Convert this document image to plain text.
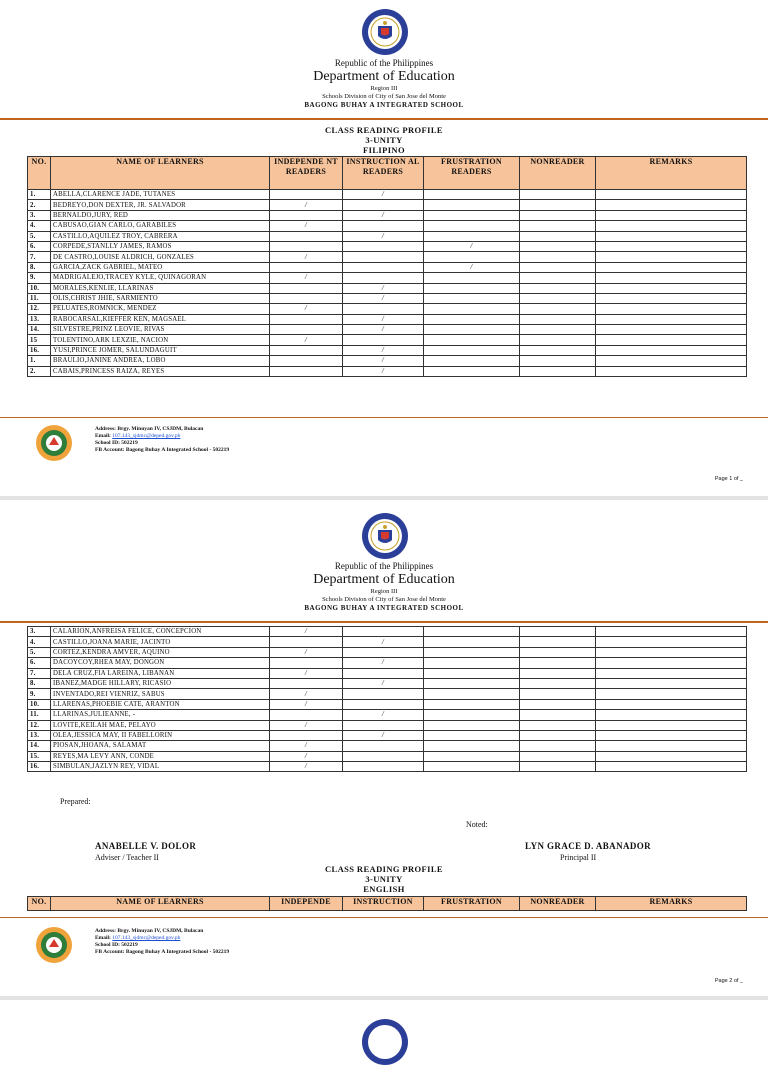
Republic of the Philippines
Department of Education
Region III
Schools Division of City of San Jose del Monte
BAGONG BUHAY A INTEGRATED SCHOOL
CLASS READING PROFILE
3-UNITY
FILIPINO
NO.	NAME OF LEARNERS	INDEPENDE NT READERS	INSTRUCTION AL READERS	FRUSTRATION READERS	NONREADER	REMARKS
1.	ABELLA,CLARENCE JADE, TUTANES		/			
2.	BEDREYO,DON DEXTER, JR. SALVADOR	/				
3.	BERNALDO,JURY, RED		/			
4.	CABUSAO,GIAN CARLO, GARABILES	/				
5.	CASTILLO,AQUILEZ TROY, CABRERA		/			
6.	CORPEDE,STANLLY JAMES, RAMOS			/		
7.	DE CASTRO,LOUISE ALDRICH, GONZALES	/				
8.	GARCIA,ZACK GABRIEL, MATEO			/		
9.	MADRIGALEJO,TRACEY KYLE, QUINAGORAN	/				
10.	MORALES,KENLIE, LLARINAS		/			
11.	OLIS,CHRIST JHIE, SARMIENTO		/			
12.	PELUATES,ROMNICK, MENDEZ	/				
13.	RABOCARSAL,KIEFFER KEN, MAGSAEL		/			
14.	SILVESTRE,PRINZ LEOVIE, RIVAS		/			
15	TOLENTINO,ARK LEXZIE, NACION	/				
16.	YUSI,PRINCE JOMER, SALUNDAGUIT		/			
1.	BRAULIO,JANINE ANDREA, LOBO		/			
2.	CABAIS,PRINCESS RAIZA, REYES		/			
Address: Brgy. Minuyan IV, CSJDM, Bulacan
Email: 107.143_sjdmc@deped.gov.ph
School ID: 502219
FB Account: Bagong Buhay A Integrated School - 502219
Page 1 of _
Republic of the Philippines
Department of Education
Region III
Schools Division of City of San Jose del Monte
BAGONG BUHAY A INTEGRATED SCHOOL
3.	CALARION,ANFREISA FELICE, CONCEPCION	/				
4.	CASTILLO,JOANA MARIE, JACINTO		/			
5.	CORTEZ,KENDRA AMVER, AQUINO	/				
6.	DACOYCOY,RHEA MAY, DONGON		/			
7.	DELA CRUZ,FIA LAREINA, LIBANAN	/				
8.	IBANEZ,MADGE HILLARY, RICASIO		/			
9.	INVENTADO,REI VIENRIZ, SABUS	/				
10.	LLARENAS,PHOEBIE CATE, ARANTON	/				
11.	LLARINAS,JULIEANNE, -		/			
12.	LOVITE,KEILAH MAE, PELAYO	/				
13.	OLEA,JESSICA MAY, II FABELLORIN		/			
14.	PIOSAN,JHOANA, SALAMAT	/				
15.	REYES,MA LEVY ANN, CONDE	/				
16.	SIMBULAN,JAZLYN REY, VIDAL	/				
Prepared:
Noted:
ANABELLE V. DOLOR
Adviser / Teacher II
LYN GRACE D. ABANADOR
Principal II
CLASS READING PROFILE
3-UNITY
ENGLISH
NO.	NAME OF LEARNERS	INDEPENDE	INSTRUCTION	FRUSTRATION	NONREADER	REMARKS
Address: Brgy. Minuyan IV, CSJDM, Bulacan
Email: 107.143_sjdmc@deped.gov.ph
School ID: 502219
FB Account: Bagong Buhay A Integrated School - 502219
Page 2 of _
